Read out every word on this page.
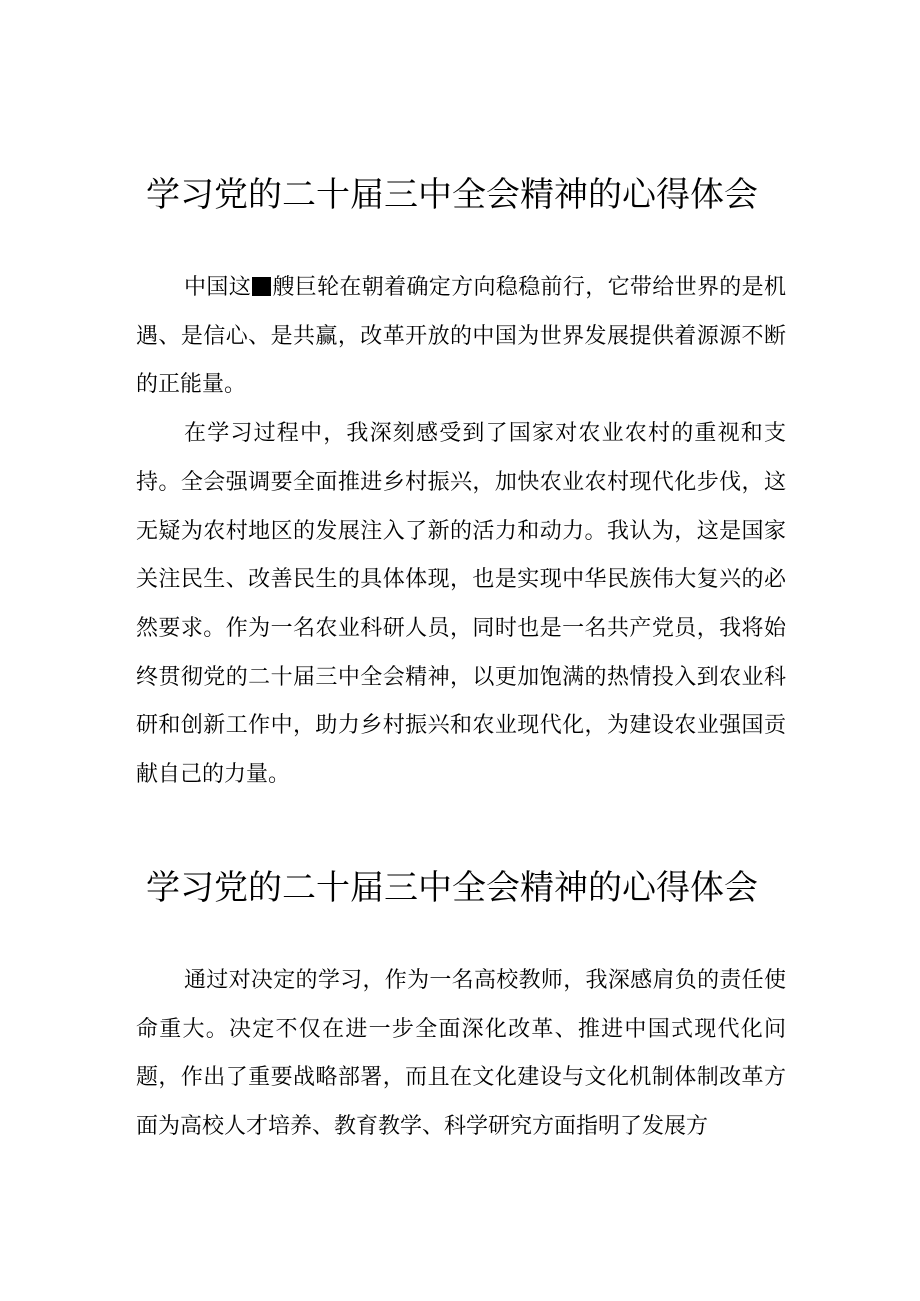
学习党的二十届三中全会精神的心得体会

中国这 艘巨轮在朝着确定方向稳稳前行，它带给世界的是机遇、是信心、是共赢，改革开放的中国为世界发展提供着源源不断的正能量。

在学习过程中，我深刻感受到了国家对农业农村的重视和支持。全会强调要全面推进乡村振兴，加快农业农村现代化步伐，这无疑为农村地区的发展注入了新的活力和动力。我认为，这是国家关注民生、改善民生的具体体现，也是实现中华民族伟大复兴的必然要求。作为一名农业科研人员，同时也是一名共产党员，我将始终贯彻党的二十届三中全会精神，以更加饱满的热情投入到农业科研和创新工作中，助力乡村振兴和农业现代化，为建设农业强国贡献自己的力量。

学习党的二十届三中全会精神的心得体会

通过对决定的学习，作为一名高校教师，我深感肩负的责任使命重大。决定不仅在进一步全面深化改革、推进中国式现代化问题，作出了重要战略部署，而且在文化建设与文化机制体制改革方面为高校人才培养、教育教学、科学研究方面指明了发展方
